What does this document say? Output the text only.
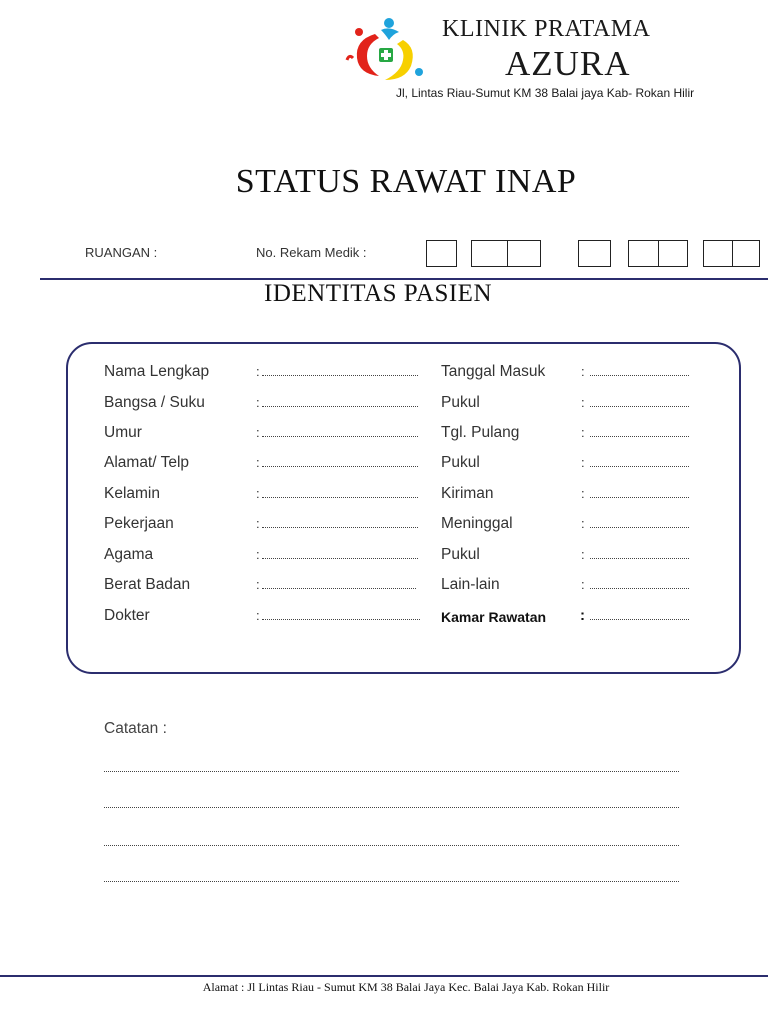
KLINIK PRATAMA
AZURA
Jl, Lintas Riau-Sumut KM 38 Balai jaya Kab- Rokan Hilir
STATUS RAWAT INAP
RUANGAN :	No. Rekam Medik :
IDENTITAS PASIEN
Nama Lengkap	:
Bangsa / Suku	:
Umur	:
Alamat/ Telp	:
Kelamin	:
Pekerjaan	:
Agama	:
Berat Badan	:
Dokter	:
Tanggal Masuk	:
Pukul	:
Tgl. Pulang	:
Pukul	:
Kiriman	:
Meninggal	:
Pukul	:
Lain-lain	:
Kamar Rawatan :
Catatan :
Alamat : Jl Lintas Riau - Sumut KM 38 Balai Jaya Kec. Balai Jaya Kab. Rokan Hilir
